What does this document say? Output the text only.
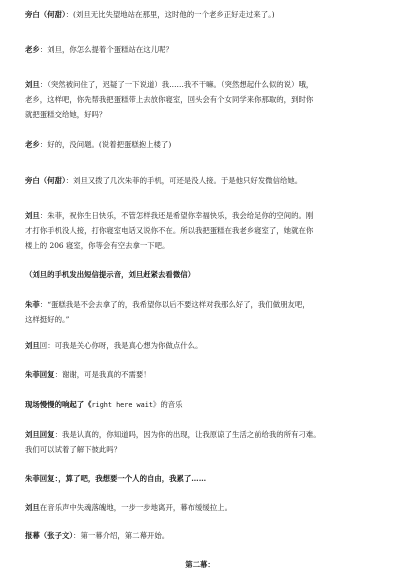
旁白（何甜）：(刘旦无比失望地站在那里，这时他的一个老乡正好走过来了。)
老乡：刘旦，你怎么提着个蛋糕站在这儿呢？
刘旦：（突然被问住了，迟疑了一下说道）我……我不干嘛。（突然想起什么似的说）哦，
老乡，这样吧，你先帮我把蛋糕带上去放你寝室，回头会有个女同学来你那取的，到时你
就把蛋糕交给她，好吗？
老乡：好的，没问题。(说着把蛋糕抱上楼了)
旁白（何甜）：刘旦又拨了几次朱菲的手机，可还是没人接。于是他只好发微信给她。
刘旦：朱菲，祝你生日快乐，不管怎样我还是希望你幸福快乐，我会给足你的空间的。刚
才打你手机没人接，打你寝室电话又说你不在。所以我把蛋糕在我老乡寝室了，她就在你
楼上的 206 寝室，你等会有空去拿一下吧。
（刘旦的手机发出短信提示音，刘旦赶紧去看微信）
朱菲：“蛋糕我是不会去拿了的，我希望你以后不要这样对我那么好了，我们做朋友吧，
这样挺好的。”
刘旦回：可我是关心你呀，我是真心想为你做点什么。
朱菲回复：谢谢，可是我真的不需要！
现场慢慢的响起了《right here wait》的音乐
刘旦回复：我是认真的，你知道吗，因为你的出现，让我原谅了生活之前给我的所有刁难。
我们可以试着了解下彼此吗？
朱菲回复：，算了吧，我想要一个人的自由，我累了……
刘旦在音乐声中失魂落魄地，一步一步地离开，幕布缓缓拉上。
报幕（张子文）：第一幕介绍，第二幕开始。
第二幕：
